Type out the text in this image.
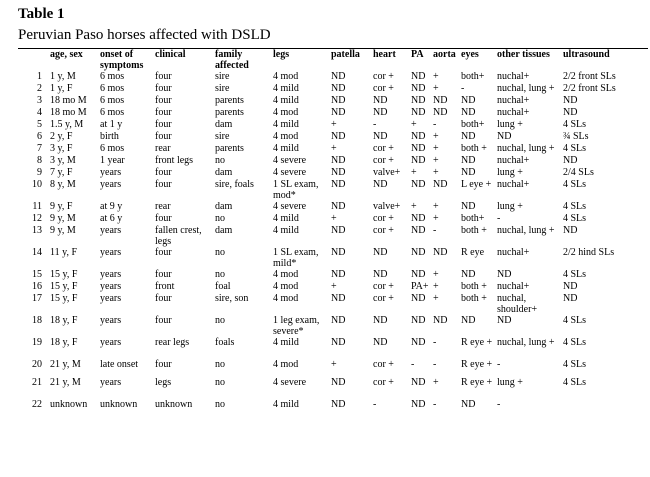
Table 1
Peruvian Paso horses affected with DSLD
	age, sex	onset of symptoms	clinical	family affected	legs	patella	heart	PA	aorta	eyes	other tissues	ultrasound
1	1 y, M	6 mos	four	sire	4 mod	ND	cor +	ND	+	both+	nuchal+	2/2 front SLs
2	1 y, F	6 mos	four	sire	4 mild	ND	cor +	ND	+	-	nuchal, lung +	2/2 front SLs
3	18 mo M	6 mos	four	parents	4 mild	ND	ND	ND	ND	ND	nuchal+	ND
4	18 mo M	6 mos	four	parents	4 mod	ND	ND	ND	ND	ND	nuchal+	ND
5	1.5 y, M	at 1 y	four	dam	4 mild	+	-	+	-	both+	lung +	4 SLs
6	2 y, F	birth	four	sire	4 mod	ND	ND	ND	+	ND	ND	¾ SLs
7	3 y, F	6 mos	rear	parents	4 mild	+	cor +	ND	+	both +	nuchal, lung +	4 SLs
8	3 y, M	1 year	front legs	no	4 severe	ND	cor +	ND	+	ND	nuchal+	ND
9	7 y, F	years	four	dam	4 severe	ND	valve+	+	+	ND	lung +	2/4 SLs
10	8 y, M	years	four	sire, foals	1 SL exam, mod*	ND	ND	ND	ND	L eye +	nuchal+	4 SLs
11	9 y, F	at 9 y	rear	dam	4 severe	ND	valve+	+	+	ND	lung +	4 SLs
12	9 y, M	at 6 y	four	no	4 mild	+	cor +	ND	+	both+	-	4 SLs
13	9 y, M	years	fallen crest, legs	dam	4 mild	ND	cor +	ND	-	both +	nuchal, lung +	ND
14	11 y, F	years	four	no	1 SL exam, mild*	ND	ND	ND	ND	R eye	nuchal+	2/2 hind SLs
15	15 y, F	years	four	no	4 mod	ND	ND	ND	+	ND	ND	4 SLs
16	15 y, F	years	front	foal	4 mod	+	cor +	PA+	+	both +	nuchal+	ND
17	15 y, F	years	four	sire, son	4 mod	ND	cor +	ND	+	both +	nuchal, shoulder+	ND
18	18 y, F	years	four	no	1 leg exam, severe*	ND	ND	ND	ND	ND	ND	4 SLs
19	18 y, F	years	rear legs	foals	4 mild	ND	ND	ND	-	R eye +	nuchal, lung +	4 SLs
20	21 y, M	late onset	four	no	4 mod	+	cor +	-	-	R eye +	-	4 SLs
21	21 y, M	years	legs	no	4 severe	ND	cor +	ND	+	R eye +	lung +	4 SLs
22	unknown	unknown	unknown	no	4 mild	ND	-	ND	-	ND	-	
